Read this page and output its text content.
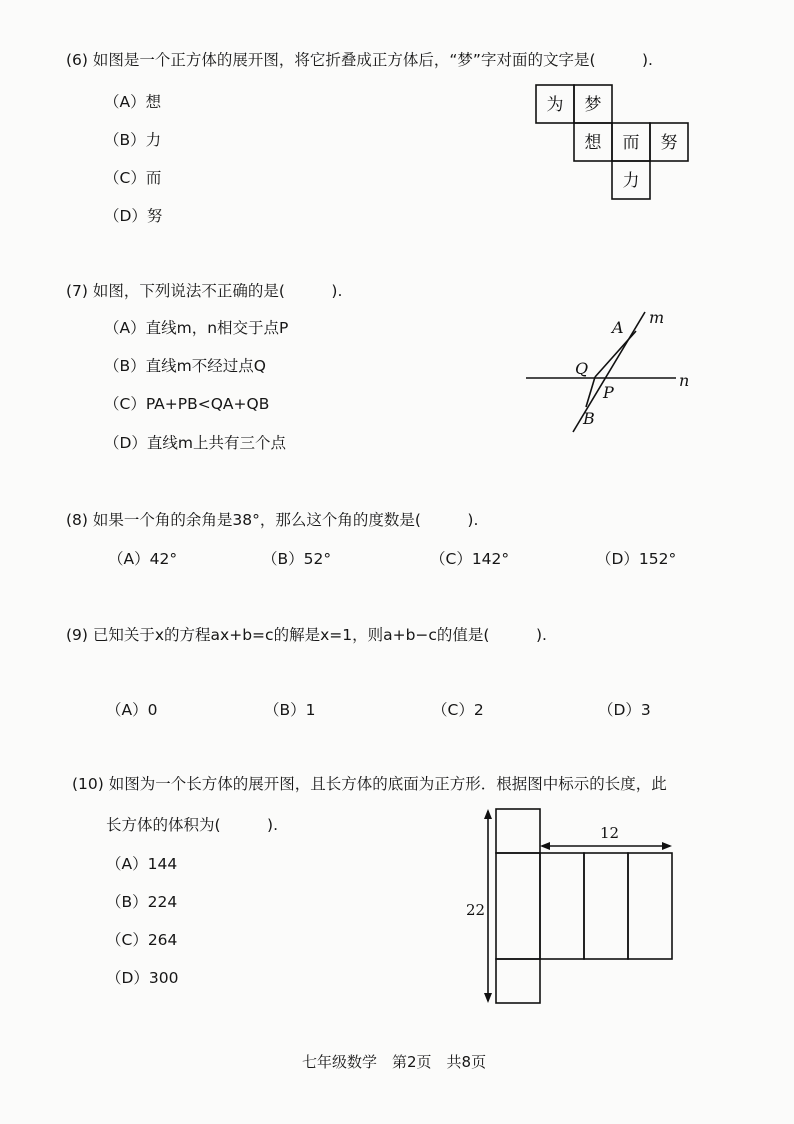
(6) 如图是一个正方体的展开图，将它折叠成正方体后，“梦”字对面的文字是(　　　).
（A）想
（B）力
（C）而
（D）努
为 梦
想 而 努
力
(7) 如图，下列说法不正确的是(　　　).
（A）直线m，n相交于点P
（B）直线m不经过点Q
（C）PA+PB<QA+QB
（D）直线m上共有三个点
A
m
Q
P
n
B
(8) 如果一个角的余角是38°，那么这个角的度数是(　　　).
（A）42°	（B）52°	（C）142°	（D）152°
(9) 已知关于x的方程ax+b=c的解是x=1，则a+b−c的值是(　　　).
（A）0	（B）1	（C）2	（D）3
(10) 如图为一个长方体的展开图，且长方体的底面为正方形．根据图中标示的长度，此
长方体的体积为(　　　).
（A）144
（B）224
（C）264
（D）300
22
12
七年级数学　第2页　共8页
